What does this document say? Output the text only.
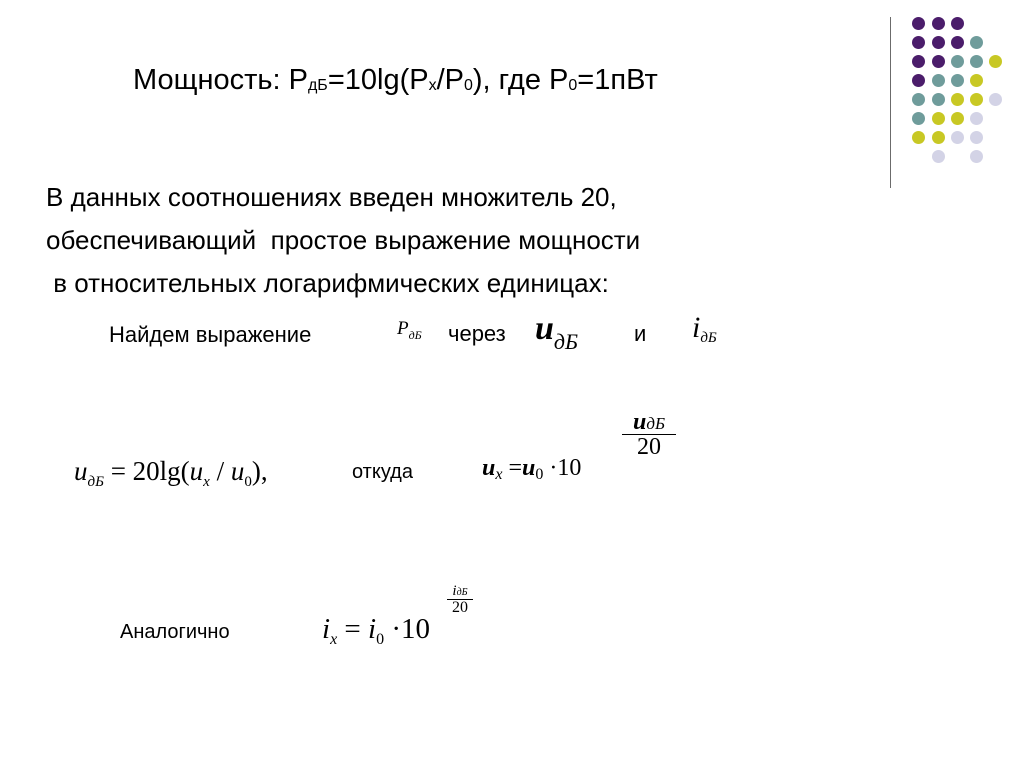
Мощность: $P_{дБ}=10\lg(P_x/P_0)$, где $P_0=1пВт$
В данных соотношениях введен множитель 20,
обеспечивающий  простое выражение мощности
в относительных логарифмических единицах:
Найдем выражение	$P_{дБ}$ через $u_{дБ}$	и iдБ
$u_{дБ} = 20\lg(u_x / u_0)$,	откуда	ux =u0 ·10
uдБ
20
Аналогично	$i_x = i_0 \cdot 10$
iдБ
20
